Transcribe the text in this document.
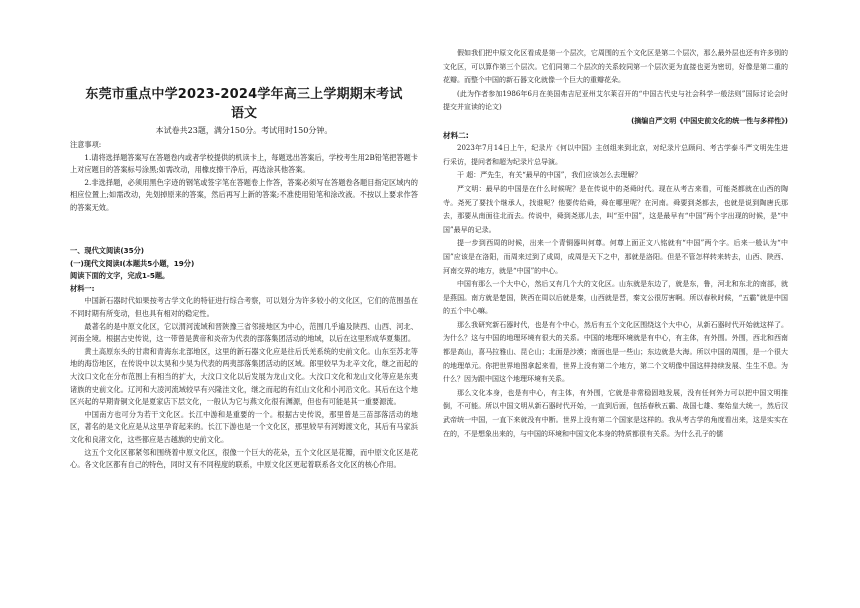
东莞市重点中学2023-2024学年高三上学期期末考试
语文
本试卷共23题，满分150分。考试用时150分钟。

注意事项:

1.请将选择题答案写在答题卷内或者学校提供的机读卡上，每题选出答案后，学校考生用2B铅笔把答题卡上对应题目的答案标号涂黑;如需改动，用橡皮擦干净后，再选涂其他答案。

2.非选择题，必须用黑色字迹的钢笔或签字笔在答题卷上作答，答案必须写在答题卷各题目指定区域内的相应位置上;如需改动，先划掉原来的答案，然后再写上新的答案;不准使用铅笔和涂改液。不按以上要求作答的答案无效。

一、现代文阅读(35分)

(一)现代文阅读I(本题共5小题，19分)

阅读下面的文字，完成1-5题。

材料一:

中国新石器时代如果按考古学文化的特征进行综合考察，可以划分为许多较小的文化区，它们的范围虽在不同时期有所变动，但也具有相对的稳定性。

最著名的是中原文化区，它以渭河流域和晋陕豫三省邻接地区为中心，范围几乎遍及陕西、山西、河北、河南全境。根据古史传说，这一带曾是黄帝和炎帝为代表的部落集团活动的地域，以后在这里形成华夏集团。

黄土高原东头的甘肃和青海东北部地区，这里的新石器文化应是往后氏羌系统的史前文化。山东至苏北等地的海岱地区，在传说中以太昊和少昊为代表的两夷部落集团活动的区域。郎里较早为北辛文化，继之而起的大汶口文化在分布范围上有相当的扩大，大汶口文化以后发展为龙山文化。大汶口文化和龙山文化等应是东夷诸族的史前文化。辽河和大凌河流域较早有兴隆洼文化，继之而起的有红山文化和小河沿文化。其后在这个地区兴起的早期青铜文化是夏家店下层文化，一般认为它与燕文化很有渊源，但也有可能是其一重要源流。

中国南方也可分为若干文化区。长江中游和是重要的一个。根据古史传说，那里曾是三苗部落活动的地区，著名的是文化应是从这里孕育起来的。长江下游也是一个文化区，那里较早有河姆渡文化，其后有马家浜文化和良渚文化，这些都应是古越族的史前文化。

这五个文化区都紧邻和围绕着中原文化区，很像一个巨大的花朵，五个文化区是花瓣，而中原文化区是花心。各文化区都有自己的特色，同时又有不同程度的联系，中原文化区更起着联系各文化区的核心作用。

假如我们把中原文化区看成是第一个层次，它周围的五个文化区是第二个层次，那么最外层也还有许多别的文化区，可以算作第三个层次。它们同第二个层次的关系较同第一个层次更为直接也更为密切，好像是第二重的花瓣。而整个中国的新石器文化就像一个巨大的重瓣花朵。

(此为作者参加1986年6月在美国弗吉尼亚州艾尔莱召开的“中国古代史与社会科学一般法则”国际讨论会时提交并宣读的论文)

(摘编自严文明《中国史前文化的统一性与多样性》)

材料二:

2023年7月14日上午，纪录片《何以中国》主创组来到北京，对纪录片总顾问、考古学泰斗严文明先生进行采访，提问者和超为纪录片总导演。

干 超：严先生，有关“最早的中国”，我们应该怎么去理解？

严文明：最早的中国是在什么时候呢？是在传说中的尧舜时代。现在从考古来看，可能尧都就在山西的陶寺。尧死了要找个继承人，找谁呢？他要传给舜，舜在哪里呢？在河南。舜要到尧都去，也就是说到陶唐氏那去，那要从南面往北而去。传说中，舜到尧那儿去，叫“至中国”，这是最早有“中国”两个字出现的时候，是“中国”最早的记录。

提一步到西周的时候，出来一个青铜器叫何尊。何尊上面正文八铭就有“中国”两个字。后来一般认为“中国”应该是在洛阳，而周来过到了成周，成周是天下之中，那就是洛阳。但是不管怎样转来转去，山西、陕西、河南交界的地方，就是“中国”的中心。

中国有那么一个大中心，然后又有几个大的文化区。山东就是东边了，就是东，鲁，河北和东北的南部，就是燕国。南方就是楚国，陕西在周以后就是秦，山西就是晋，秦文公很厉害啊。所以春秋时候，“五霸”就是中国的五个中心嘛。

那么我研究新石器时代，也是有个中心，然后有五个文化区围绕这个大中心，从新石器时代开始就这样了。为什么？这与中国的地理环境有很大的关系。中国的地理环境就是有中心，有主体，有外围。外围，西北和西南都是高山，喜马拉雅山、昆仑山；北面是沙漠；南面也是一些山；东边就是大海。所以中国的周围，是一个很大的地理单元。你把世界地图拿起来看，世界上没有第二个地方，第二个文明像中国这样持续发展、生生不息。为什么？因为跟中国这个地理环境有关系。

那么文化本身，也是有中心，有主体，有外围，它就是非常稳固地发展，没有任何外力可以把中国文明推倒，不可能。所以中国文明从新石器时代开始，一直到后面，包括春秋五霸、战国七雄、秦始皇大统一，然后汉武帝统一中国，一直下来就没有中断。世界上没有第二个国家是这样的。我从考古学的角度看出来，这是实实在在的，不是想象出来的，与中国的环境和中国文化本身的特质都很有关系。为什么孔子的儒
